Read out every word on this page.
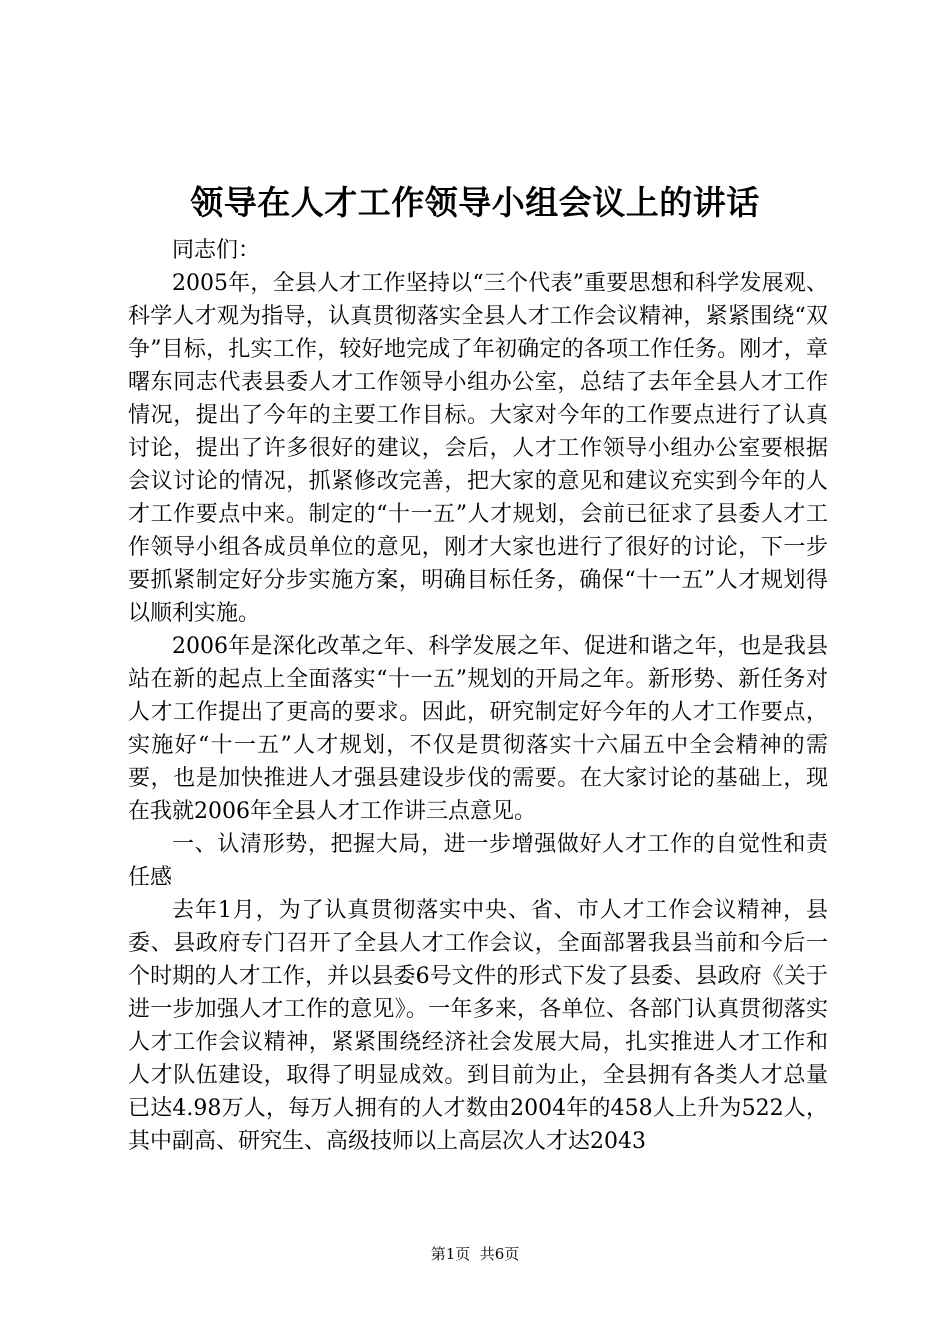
领导在人才工作领导小组会议上的讲话

同志们：

2005年，全县人才工作坚持以“三个代表”重要思想和科学发展观、科学人才观为指导，认真贯彻落实全县人才工作会议精神，紧紧围绕“双争”目标，扎实工作，较好地完成了年初确定的各项工作任务。刚才，章曙东同志代表县委人才工作领导小组办公室，总结了去年全县人才工作情况，提出了今年的主要工作目标。大家对今年的工作要点进行了认真讨论，提出了许多很好的建议，会后，人才工作领导小组办公室要根据会议讨论的情况，抓紧修改完善，把大家的意见和建议充实到今年的人才工作要点中来。制定的“十一五”人才规划，会前已征求了县委人才工作领导小组各成员单位的意见，刚才大家也进行了很好的讨论，下一步要抓紧制定好分步实施方案，明确目标任务，确保“十一五”人才规划得以顺利实施。

2006年是深化改革之年、科学发展之年、促进和谐之年，也是我县站在新的起点上全面落实“十一五”规划的开局之年。新形势、新任务对人才工作提出了更高的要求。因此，研究制定好今年的人才工作要点，实施好“十一五”人才规划，不仅是贯彻落实十六届五中全会精神的需要，也是加快推进人才强县建设步伐的需要。在大家讨论的基础上，现在我就2006年全县人才工作讲三点意见。

一、认清形势，把握大局，进一步增强做好人才工作的自觉性和责任感

去年1月，为了认真贯彻落实中央、省、市人才工作会议精神，县委、县政府专门召开了全县人才工作会议，全面部署我县当前和今后一个时期的人才工作，并以县委6号文件的形式下发了县委、县政府《关于进一步加强人才工作的意见》。一年多来，各单位、各部门认真贯彻落实人才工作会议精神，紧紧围绕经济社会发展大局，扎实推进人才工作和人才队伍建设，取得了明显成效。到目前为止，全县拥有各类人才总量已达4.98万人，每万人拥有的人才数由2004年的458人上升为522人，其中副高、研究生、高级技师以上高层次人才达2043

第1页  共6页
